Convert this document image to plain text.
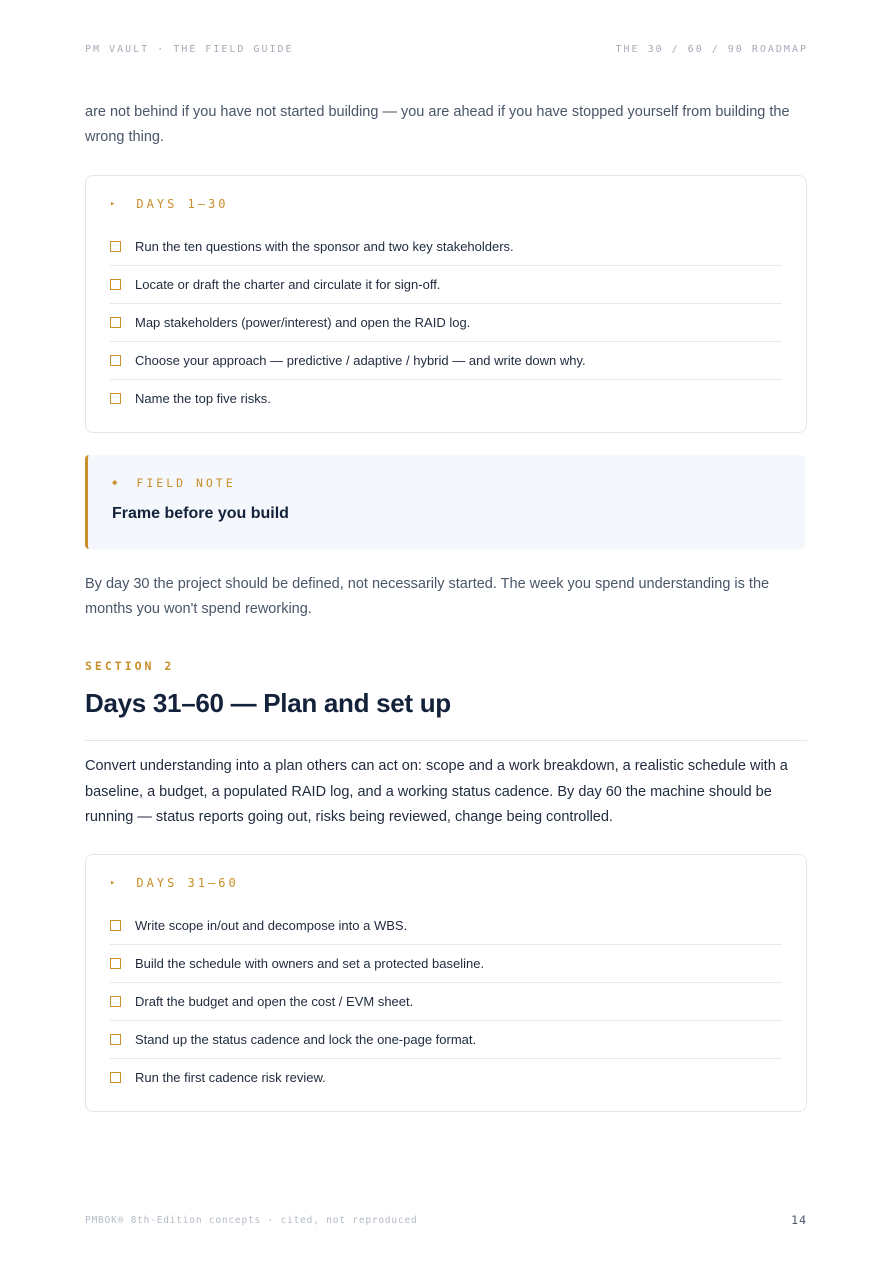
PM VAULT · THE FIELD GUIDE	THE 30 / 60 / 90 ROADMAP

are not behind if you have not started building — you are ahead if you have stopped yourself from building the wrong thing.

▸ DAYS 1–30
Run the ten questions with the sponsor and two key stakeholders.
Locate or draft the charter and circulate it for sign-off.
Map stakeholders (power/interest) and open the RAID log.
Choose your approach — predictive / adaptive / hybrid — and write down why.
Name the top five risks.
◆ FIELD NOTE
Frame before you build

By day 30 the project should be defined, not necessarily started. The week you spend understanding is the months you won't spend reworking.

SECTION 2
Days 31–60 — Plan and set up

Convert understanding into a plan others can act on: scope and a work breakdown, a realistic schedule with a baseline, a budget, a populated RAID log, and a working status cadence. By day 60 the machine should be running — status reports going out, risks being reviewed, change being controlled.

▸ DAYS 31–60
Write scope in/out and decompose into a WBS.
Build the schedule with owners and set a protected baseline.
Draft the budget and open the cost / EVM sheet.
Stand up the status cadence and lock the one-page format.
Run the first cadence risk review.
PMBOK® 8th-Edition concepts · cited, not reproduced	14
